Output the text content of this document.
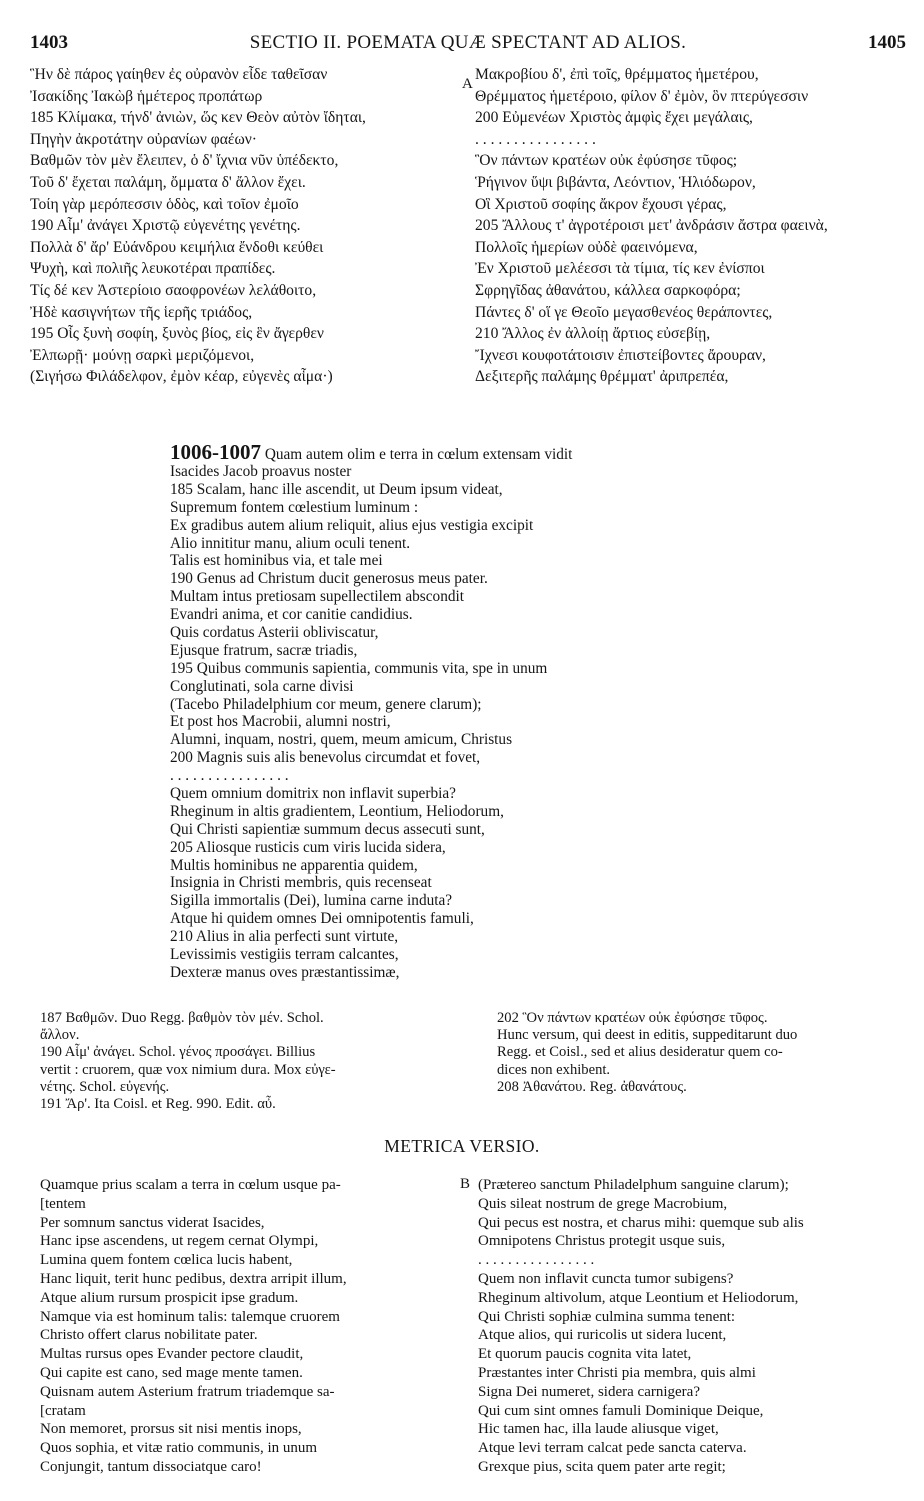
1403	SECTIO II. POEMATA QUÆ SPECTANT AD ALIOS.	1405
Ἣν δὲ πάρος γαίηθεν ἐς οὐρανὸν εἶδε ταθεῖσαν
Ἰσακίδης Ἰακὼβ ἡμέτερος προπάτωρ
185 Κλίμακα, τήνδ' ἀνιὼν, ὥς κεν Θεὸν αὐτὸν ἴδηται,
Πηγὴν ἀκροτάτην οὐρανίων φαέων·
Βαθμῶν τὸν μὲν ἔλειπεν, ὁ δ' ἴχνια νῦν ὑπέδεκτο,
Τοῦ δ' ἔχεται παλάμη, ὄμματα δ' ἄλλον ἔχει.
Τοίη γὰρ μερόπεσσιν ὁδὸς, καὶ τοῖον ἐμοῖο
190 Αἷμ' ἀνάγει Χριστῷ εὐγενέτης γενέτης.
Πολλὰ δ' ἄρ' Εὐάνδρου κειμήλια ἔνδοθι κεύθει
Ψυχὴ, καὶ πολιῆς λευκοτέραι πραπίδες.
Τίς δέ κεν Ἀστερίοιο σαοφρονέων λελάθοιτο,
Ἠδὲ κασιγνήτων τῆς ἱερῆς τριάδος,
195 Οἷς ξυνὴ σοφίη, ξυνὸς βίος, εἰς ἓν ἄγερθεν
Ἐλπωρῇ· μούνῃ σαρκὶ μεριζόμενοι,
(Σιγήσω Φιλάδελφον, ἐμὸν κέαρ, εὐγενὲς αἷμα·)
A
Μακροβίου δ', ἐπὶ τοῖς, θρέμματος ἡμετέρου,
Θρέμματος ἡμετέροιο, φίλον δ' ἐμὸν, ὃν πτερύγεσσιν
200 Εὐμενέων Χριστὸς ἀμφὶς ἔχει μεγάλαις,
. . . . . . . . . . . . . . . .
Ὃν πάντων κρατέων οὐκ ἐφύσησε τῦφος;
Ῥήγινον ὕψι βιβάντα, Λεόντιον, Ἡλιόδωρον,
Οἳ Χριστοῦ σοφίης ἄκρον ἔχουσι γέρας,
205 Ἄλλους τ' ἀγροτέροισι μετ' ἀνδράσιν ἄστρα φαεινὰ,
Πολλοῖς ἡμερίων οὐδὲ φαεινόμενα,
Ἐν Χριστοῦ μελέεσσι τὰ τίμια, τίς κεν ἐνίσποι
Σφρηγῖδας ἀθανάτου, κάλλεα σαρκοφόρα;
Πάντες δ' οἵ γε Θεοῖο μεγασθενέος θεράποντες,
210 Ἄλλος ἐν ἀλλοίῃ ἄρτιος εὐσεβίῃ,
Ἴχνεσι κουφοτάτοισιν ἐπιστείβοντες ἄρουραν,
Δεξιτερῆς παλάμης θρέμματ' ἀριπρεπέα,
1006-1007 Quam autem olim e terra in cœlum extensam vidit
Isacides Jacob proavus noster
185 Scalam, hanc ille ascendit, ut Deum ipsum videat,
Supremum fontem cœlestium luminum :
Ex gradibus autem alium reliquit, alius ejus vestigia excipit
Alio innititur manu, alium oculi tenent.
Talis est hominibus via, et tale mei
190 Genus ad Christum ducit generosus meus pater.
Multam intus pretiosam supellectilem abscondit
Evandri anima, et cor canitie candidius.
Quis cordatus Asterii obliviscatur,
Ejusque fratrum, sacræ triadis,
195 Quibus communis sapientia, communis vita, spe in unum
Conglutinati, sola carne divisi
(Tacebo Philadelphium cor meum, genere clarum);
Et post hos Macrobii, alumni nostri,
Alumni, inquam, nostri, quem, meum amicum, Christus
200 Magnis suis alis benevolus circumdat et fovet,
. . . . . . . . . . . . . . . .
Quem omnium domitrix non inflavit superbia?
Rheginum in altis gradientem, Leontium, Heliodorum,
Qui Christi sapientiæ summum decus assecuti sunt,
205 Aliosque rusticis cum viris lucida sidera,
Multis hominibus ne apparentia quidem,
Insignia in Christi membris, quis recenseat
Sigilla immortalis (Dei), lumina carne induta?
Atque hi quidem omnes Dei omnipotentis famuli,
210 Alius in alia perfecti sunt virtute,
Levissimis vestigiis terram calcantes,
Dexteræ manus oves præstantissimæ,
187 Βαθμῶν. Duo Regg. βαθμὸν τὸν μέν. Schol.
ἄλλον.
190 Αἷμ' ἀνάγει. Schol. γένος προσάγει. Billius
vertit : cruorem, quæ vox nimium dura. Mox εὐγε-
νέτης. Schol. εὐγενής.
191 Ἄρ'. Ita Coisl. et Reg. 990. Edit. αὖ.
202 Ὃν πάντων κρατέων οὐκ ἐφύσησε τῦφος.
Hunc versum, qui deest in editis, suppeditarunt duo
Regg. et Coisl., sed et alius desideratur quem co-
dices non exhibent.
208 Ἀθανάτου. Reg. ἀθανάτους.
METRICA VERSIO.
Quamque prius scalam a terra in cœlum usque pa-
[tentem
Per somnum sanctus viderat Isacides,
Hanc ipse ascendens, ut regem cernat Olympi,
Lumina quem fontem cœlica lucis habent,
Hanc liquit, terit hunc pedibus, dextra arripit illum,
Atque alium rursum prospicit ipse gradum.
Namque via est hominum talis: talemque cruorem
Christo offert clarus nobilitate pater.
Multas rursus opes Evander pectore claudit,
Qui capite est cano, sed mage mente tamen.
Quisnam autem Asterium fratrum triademque sa-
[cratam
Non memoret, prorsus sit nisi mentis inops,
Quos sophia, et vitæ ratio communis, in unum
Conjungit, tantum dissociatque caro!
B (Prætereo sanctum Philadelphum sanguine clarum);
Quis sileat nostrum de grege Macrobium,
Qui pecus est nostra, et charus mihi: quemque sub alis
Omnipotens Christus protegit usque suis,
. . . . . . . . . . . . . . . .
Quem non inflavit cuncta tumor subigens?
Rheginum altivolum, atque Leontium et Heliodorum,
Qui Christi sophiæ culmina summa tenent:
Atque alios, qui ruricolis ut sidera lucent,
Et quorum paucis cognita vita latet,
Præstantes inter Christi pia membra, quis almi
Signa Dei numeret, sidera carnigera?
Qui cum sint omnes famuli Dominique Deique,
Hic tamen hac, illa laude aliusque viget,
Atque levi terram calcat pede sancta caterva.
Grexque pius, scita quem pater arte regit;
